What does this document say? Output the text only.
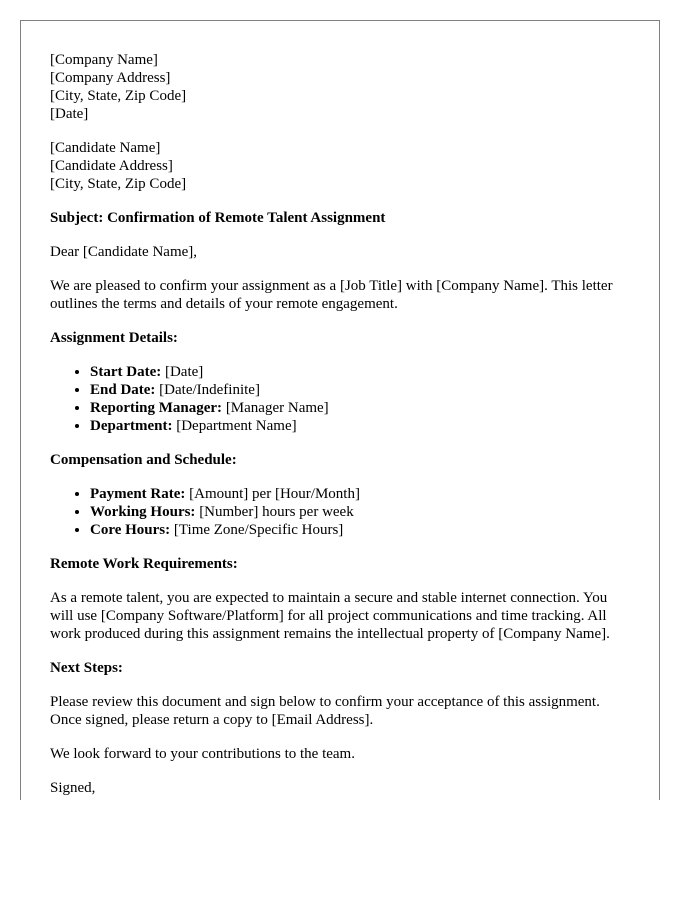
[Company Name]
[Company Address]
[City, State, Zip Code]
[Date]
[Candidate Name]
[Candidate Address]
[City, State, Zip Code]

Subject: Confirmation of Remote Talent Assignment

Dear [Candidate Name],

We are pleased to confirm your assignment as a [Job Title] with [Company Name]. This letter outlines the terms and details of your remote engagement.

Assignment Details:

• Start Date: [Date]
• End Date: [Date/Indefinite]
• Reporting Manager: [Manager Name]
• Department: [Department Name]

Compensation and Schedule:

• Payment Rate: [Amount] per [Hour/Month]
• Working Hours: [Number] hours per week
• Core Hours: [Time Zone/Specific Hours]

Remote Work Requirements:

As a remote talent, you are expected to maintain a secure and stable internet connection. You will use [Company Software/Platform] for all project communications and time tracking. All work produced during this assignment remains the intellectual property of [Company Name].

Next Steps:

Please review this document and sign below to confirm your acceptance of this assignment. Once signed, please return a copy to [Email Address].

We look forward to your contributions to the team.

Signed,
